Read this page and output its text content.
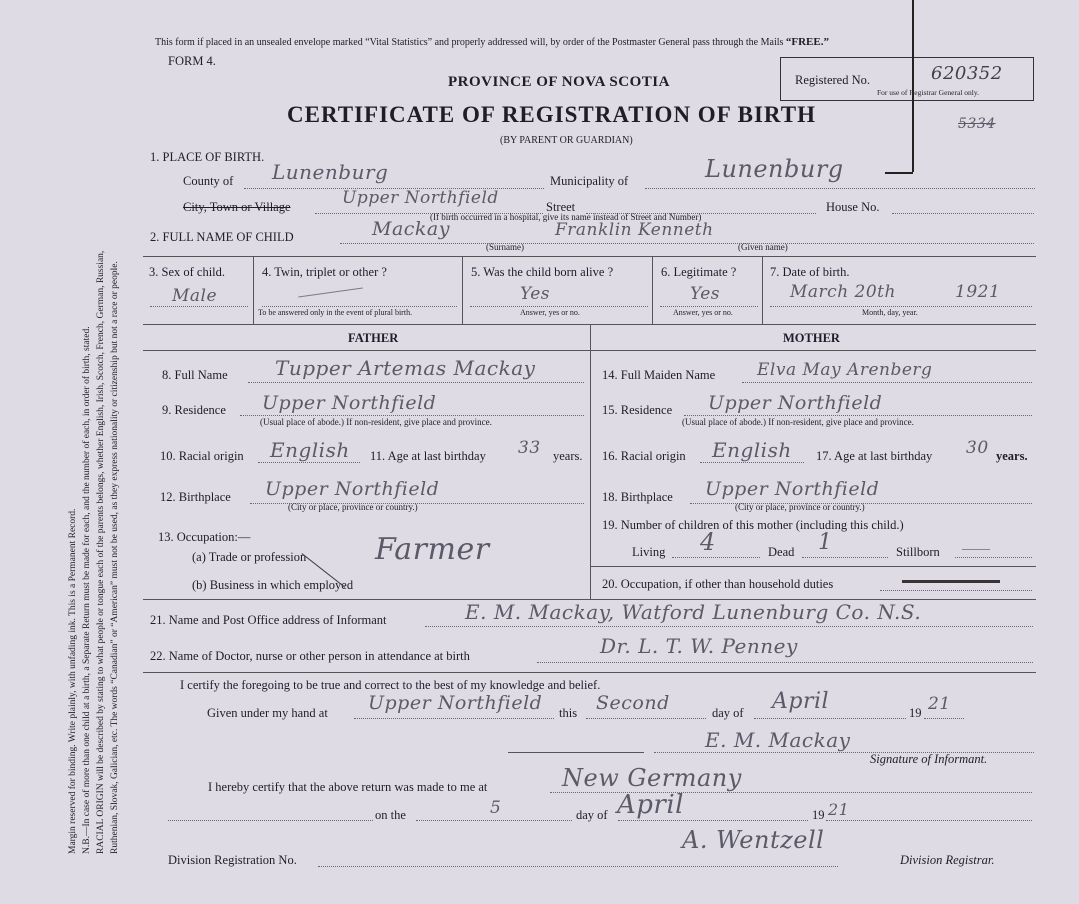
Margin reserved for binding. Write plainly, with unfading ink. This is a Permanent Record. N.B.—In case of more than one child at a birth, a Separate Return must be made for each, and the number of each, in order of birth, stated. RACIAL ORIGIN will be described by stating to what people or tongue each of the parents belongs, whether English, Irish, Scotch, French, German, Russian, Ruthenian, Slovak, Galician, etc. The words “Canadian” or “American” must not be used, as they express nationality or citizenship but not a race or people.
This form if placed in an unsealed envelope marked “Vital Statistics” and properly addressed will, by order of the Postmaster General pass through the Mails “FREE.”
FORM 4.
PROVINCE OF NOVA SCOTIA
CERTIFICATE OF REGISTRATION OF BIRTH
(BY PARENT OR GUARDIAN)
Registered No.	620352
For use of Registrar General only.
5334
1. PLACE OF BIRTH.
County of Lunenburg	Municipality of	Lunenburg
City, Town or Village	Upper Northfield	Street	House No.
(If birth occurred in a hospital, give its name instead of Street and Number)
2. FULL NAME OF CHILD	Mackay
(Surname)
Franklin Kenneth
(Given name)
3. Sex of child.
Male
4. Twin, triplet or other ?
To be answered only in the event of plural birth.
5. Was the child born alive ?
Yes
Answer, yes or no.
6. Legitimate ?
Yes
Answer, yes or no.
7. Date of birth.
March 20th	1921
Month, day, year.
FATHER	MOTHER
8. Full Name Tupper Artemas Mackay
9. Residence Upper Northfield
(Usual place of abode.) If non-resident, give place and province.
10. Racial origin English 11. Age at last birthday 33 years.
12. Birthplace Upper Northfield
(City or place, province or country.)
13. Occupation:—
(a) Trade or profession
(b) Business in which employed
Farmer
14. Full Maiden Name Elva May Arenberg
15. Residence Upper Northfield
(Usual place of abode.) If non-resident, give place and province.
16. Racial origin English 17. Age at last birthday 30 years.
18. Birthplace Upper Northfield
(City or place, province or country.)
19. Number of children of this mother (including this child.)
Living 4	Dead 1	Stillborn
20. Occupation, if other than household duties
21. Name and Post Office address of Informant	E. M. Mackay, Watford Lunenburg Co. N.S.
22. Name of Doctor, nurse or other person in attendance at birth	Dr. L. T. W. Penney
I certify the foregoing to be true and correct to the best of my knowledge and belief.
Given under my hand at Upper Northfield this Second	day of April	19 21
E. M. Mackay
Signature of Informant.
I hereby certify that the above return was made to me at	New Germany
on the	5	day of April	19 21
Division Registration No.
A. Wentzell
Division Registrar.
